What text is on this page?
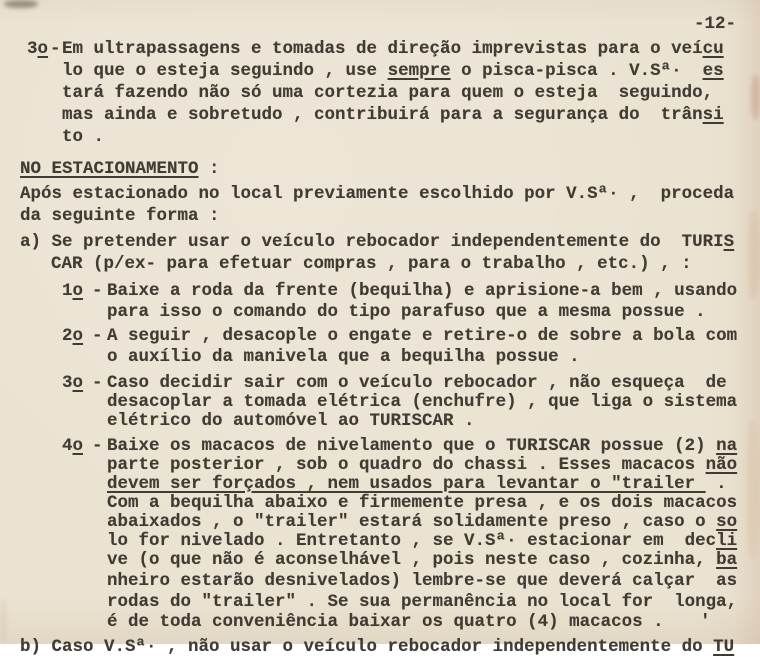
-12-
3o - Em ultrapassagens e tomadas de direção imprevistas para o veícu
lo que o esteja seguindo , use sempre o pisca-pisca . V.Sª·  es
tará fazendo não só uma cortezia para quem o esteja  seguindo,
mas ainda e sobretudo , contribuirá para a segurança do  trânsi
to .
NO ESTACIONAMENTO :
Após estacionado no local previamente escolhido por V.Sª· ,  proceda
da seguinte forma :
a) Se pretender usar o veículo rebocador independentemente do  TURIS
CAR (p/ex- para efetuar compras , para o trabalho , etc.) , :
1o - Baixe a roda da frente (bequilha) e aprisione-a bem , usando
para isso o comando do tipo parafuso que a mesma possue .
2o - A seguir , desacople o engate e retire-o de sobre a bola com
o auxílio da manivela que a bequilha possue .
3o - Caso decidir sair com o veículo rebocador , não esqueça  de
desacoplar a tomada elétrica (enchufre) , que liga o sistema
elétrico do automóvel ao TURISCAR .
4o - Baixe os macacos de nivelamento que o TURISCAR possue (2) na
parte posterior , sob o quadro do chassi . Esses macacos não
devem ser forçados , nem usados para levantar o "trailer  .
Com a bequilha abaixo e firmemente presa , e os dois macacos
abaixados , o "trailer" estará solidamente preso , caso o so
lo for nivelado . Entretanto , se V.Sª· estacionar em  decli
ve (o que não é aconselhável , pois neste caso , cozinha, ba
nheiro estarão desnivelados) lembre-se que deverá calçar  as
rodas do "trailer" . Se sua permanência no local for  longa,
é de toda conveniência baixar os quatro (4) macacos . '
b) Caso V.Sª· , não usar o veículo rebocador independentemente do TU
